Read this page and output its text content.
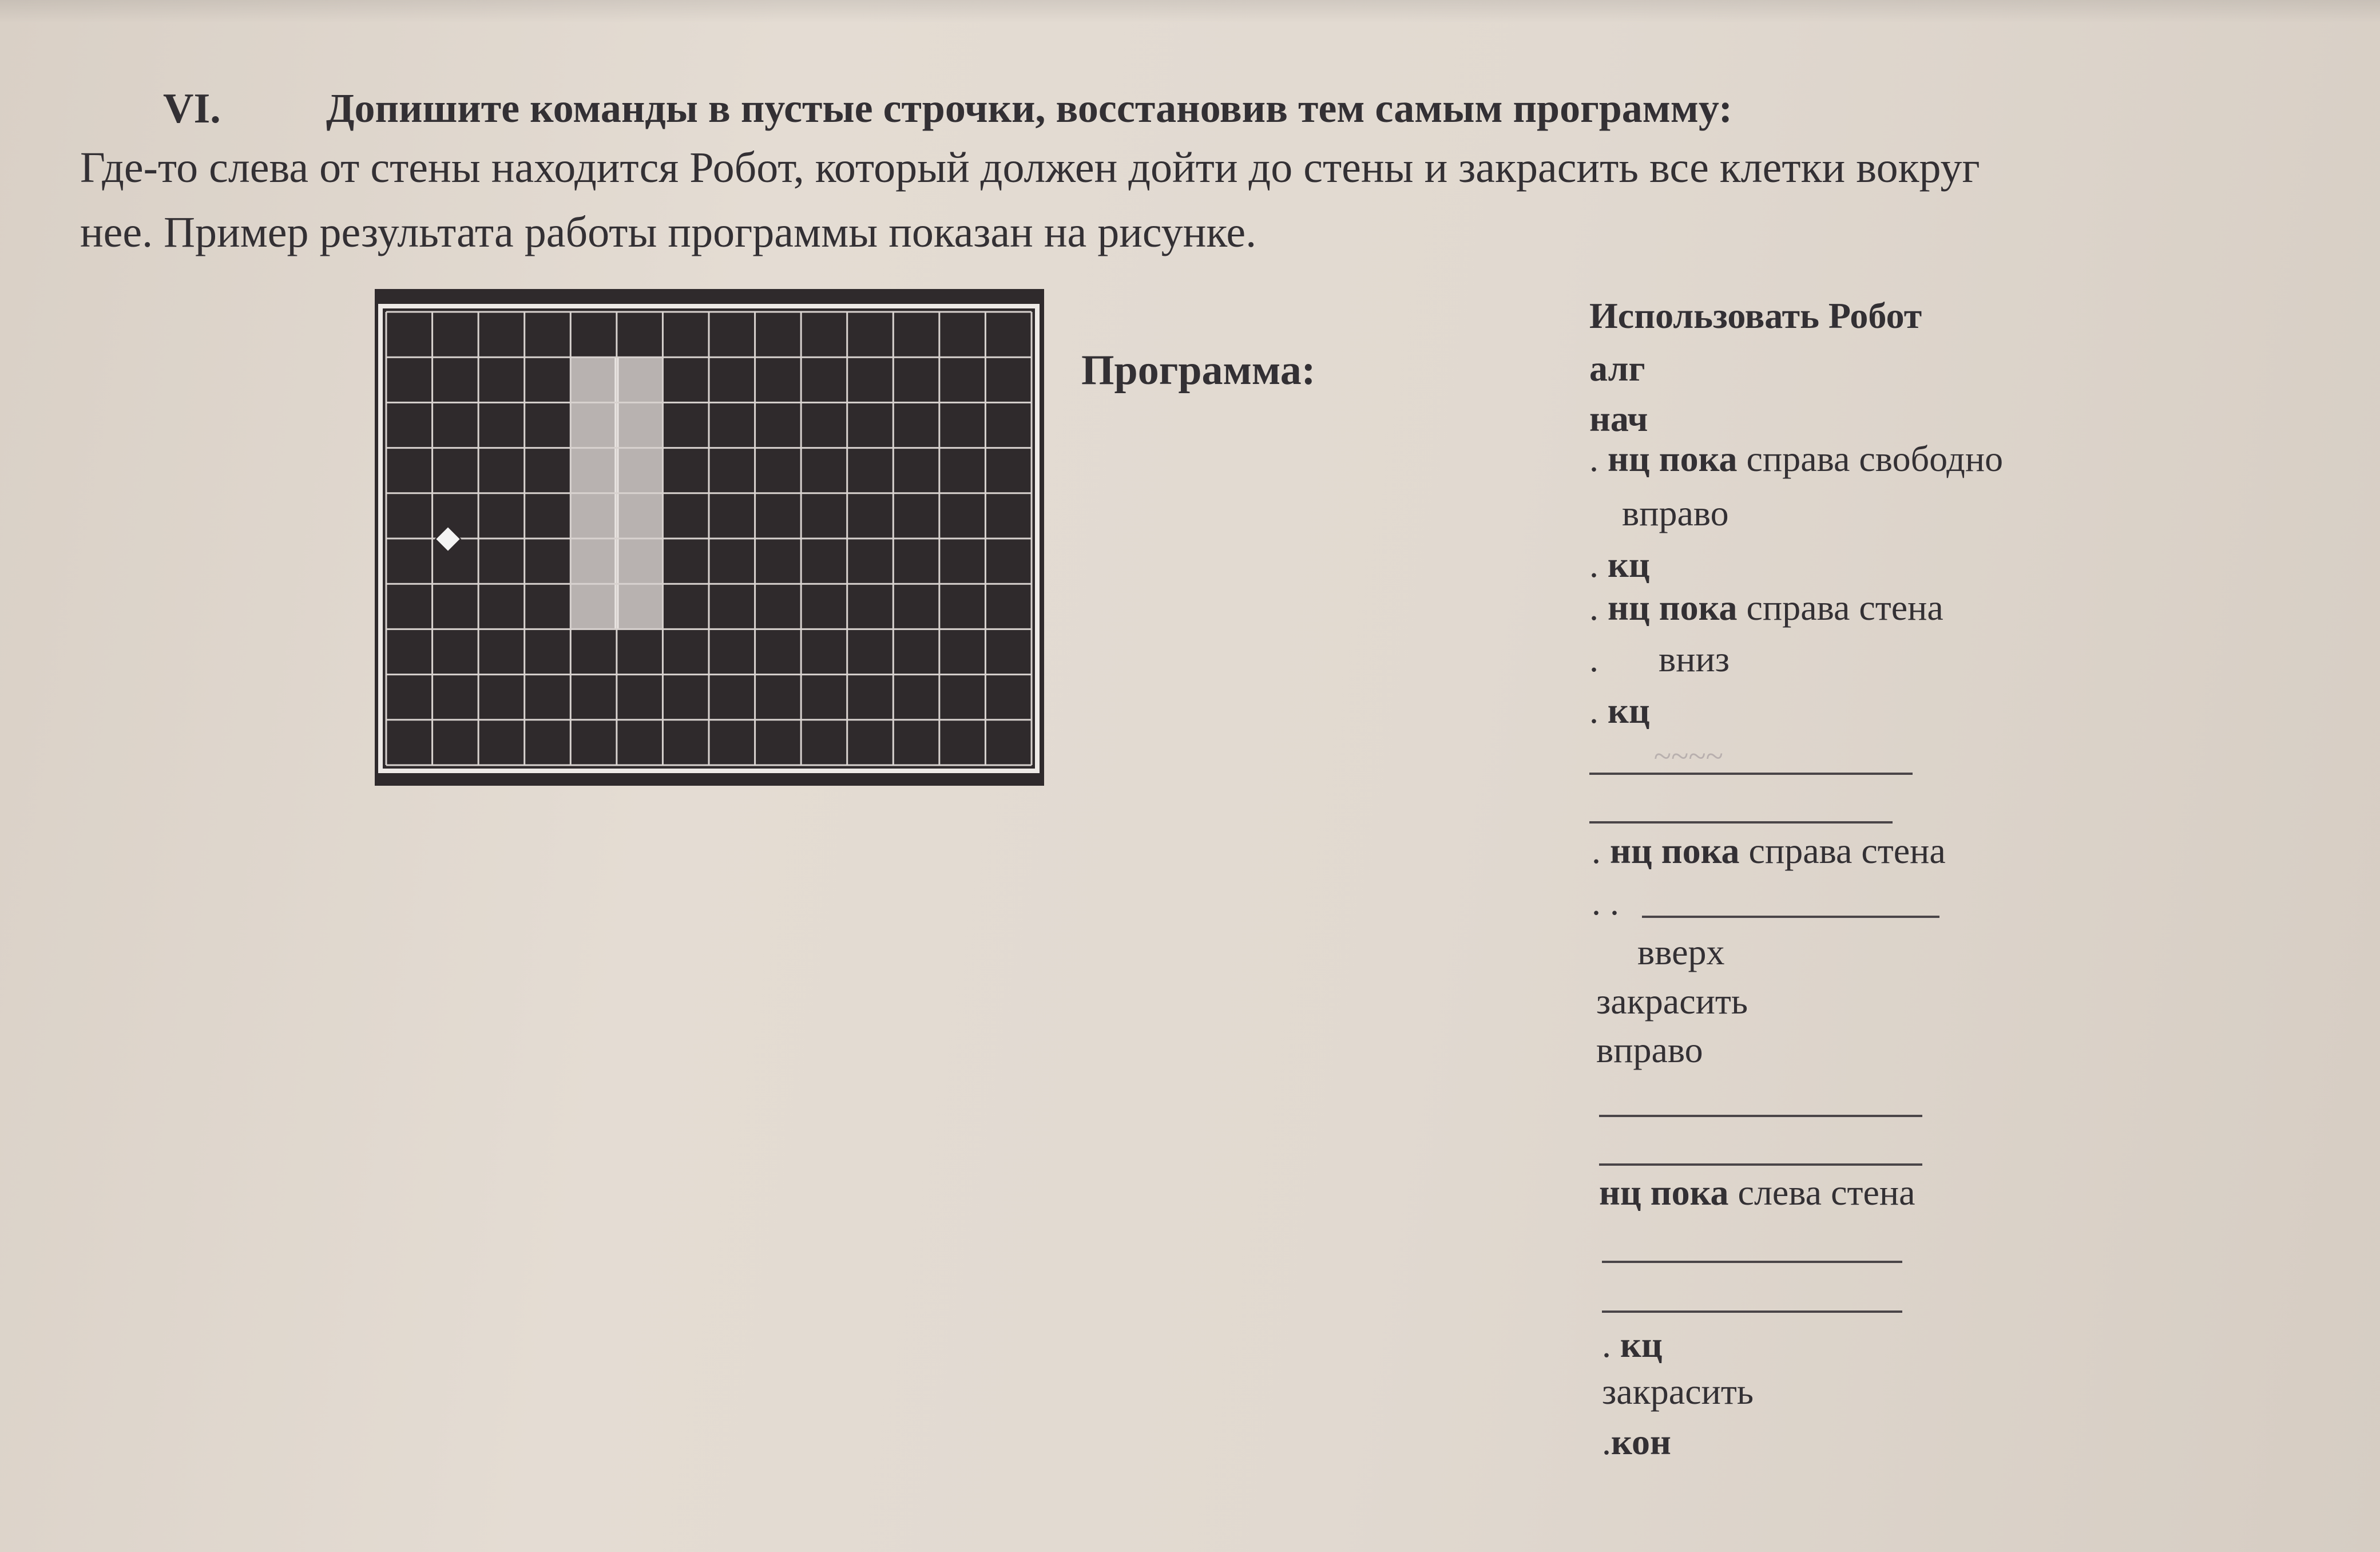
VI.	Допишите команды в пустые строчки, восстановив тем самым программу:
Где-то слева от стены находится Робот, который должен дойти до стены и закрасить все клетки вокруг
нее. Пример результата работы программы показан на рисунке.
Программа:
Использовать Робот
алг
нач
. нц пока справа свободно
вправо
. кц
. нц пока справа стена
. вниз
. кц
~~~~
. нц пока справа стена
. .
вверх
закрасить
вправо
нц пока слева стена
. кц
закрасить
.кон
